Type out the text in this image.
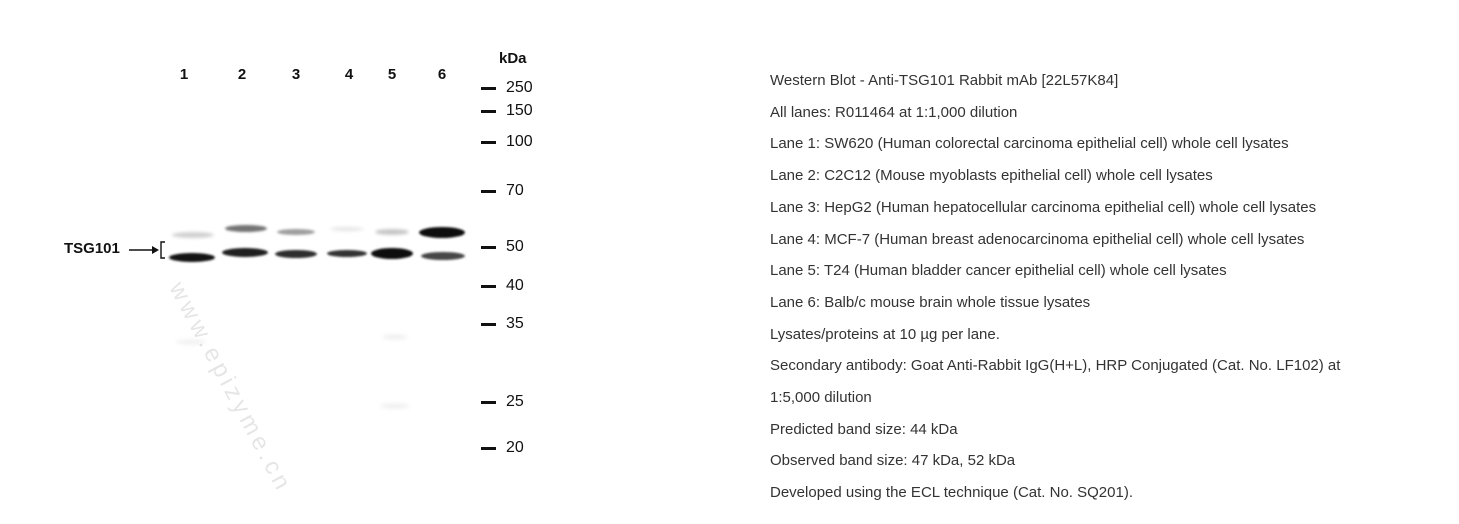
1	2	3	4	5	6
kDa
250
150
100
70
50
40
35
25
20
TSG101
www.epizyme.cn
Western Blot - Anti-TSG101 Rabbit mAb [22L57K84]
All lanes: R011464 at 1:1,000 dilution
Lane 1: SW620 (Human colorectal carcinoma epithelial cell) whole cell lysates
Lane 2: C2C12 (Mouse myoblasts epithelial cell) whole cell lysates
Lane 3: HepG2 (Human hepatocellular carcinoma epithelial cell) whole cell lysates
Lane 4: MCF-7 (Human breast adenocarcinoma epithelial cell) whole cell lysates
Lane 5: T24 (Human bladder cancer epithelial cell) whole cell lysates
Lane 6: Balb/c mouse brain whole tissue lysates
Lysates/proteins at 10 µg per lane.
Secondary antibody: Goat Anti-Rabbit IgG(H+L), HRP Conjugated (Cat. No. LF102) at
1:5,000 dilution
Predicted band size: 44 kDa
Observed band size: 47 kDa, 52 kDa
Developed using the ECL technique (Cat. No. SQ201).
